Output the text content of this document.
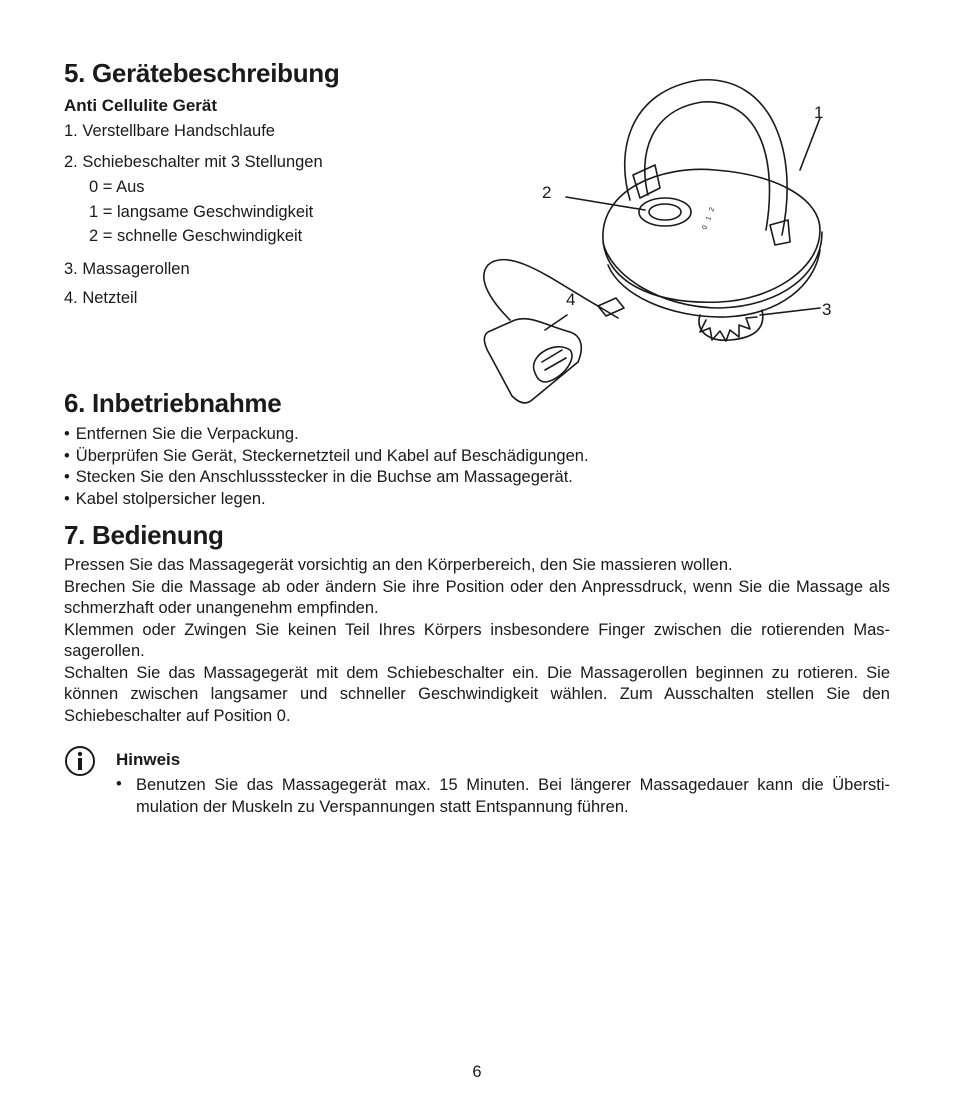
5. Gerätebeschreibung
Anti Cellulite Gerät
1. Verstellbare Handschlaufe
2. Schiebeschalter mit 3 Stellungen
0 = Aus
1 = langsame Geschwindigkeit
2 = schnelle Geschwindigkeit
3. Massagerollen
4. Netzteil
0
1
2
1
2
3
4
6. Inbetriebnahme
• Entfernen Sie die Verpackung.
• Überprüfen Sie Gerät, Steckernetzteil und Kabel auf Beschädigungen.
• Stecken Sie den Anschlussstecker in die Buchse am Massagegerät.
• Kabel stolpersicher legen.
7. Bedienung

Pressen Sie das Massagegerät vorsichtig an den Körperbereich, den Sie massieren wollen.

Brechen Sie die Massage ab oder ändern Sie ihre Position oder den Anpressdruck, wenn Sie die Massage als schmerzhaft oder unangenehm empfinden.

Klemmen oder Zwingen Sie keinen Teil Ihres Körpers insbesondere Finger zwischen die rotierenden Massagerollen.

Schalten Sie das Massagegerät mit dem Schiebeschalter ein. Die Massagerollen beginnen zu rotieren. Sie können zwischen langsamer und schneller Geschwindigkeit wählen. Zum Ausschalten stellen Sie den Schiebeschalter auf Position 0.

Hinweis
• Benutzen Sie das Massagegerät max. 15 Minuten. Bei längerer Massagedauer kann die Überstimulation der Muskeln zu Verspannungen statt Entspannung führen.
6
